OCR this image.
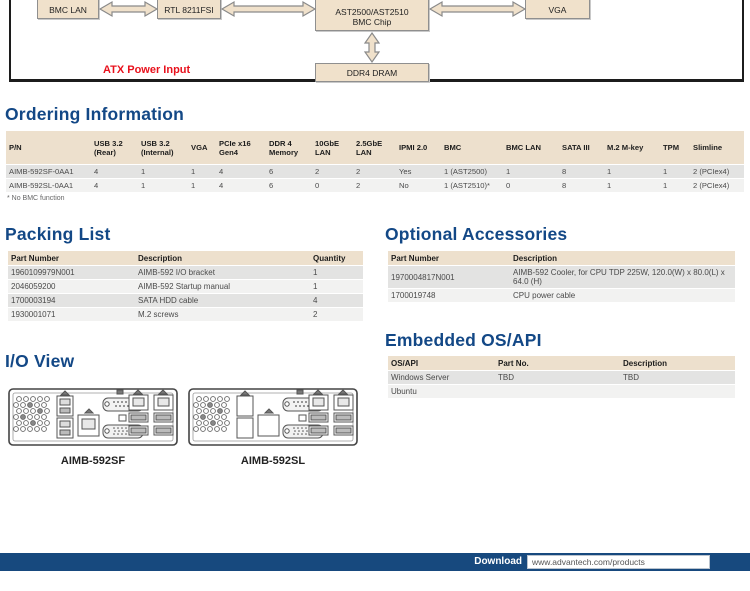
BMC LAN	RTL 8211FSI	AST2500/AST2510
BMC Chip
VGA
DDR4 DRAM
ATX Power Input
Ordering Information
P/N	USB 3.2 (Rear)	USB 3.2 (Internal)	VGA	PCIe x16 Gen4	DDR 4 Memory	10GbE LAN	2.5GbE LAN	IPMI 2.0	BMC	BMC LAN	SATA III	M.2 M-key	TPM	Slimline
AIMB-592SF-0AA1	4	1	1	4	6	2	2	Yes	1 (AST2500)	1	8	1	1	2 (PCIex4)
AIMB-592SL-0AA1	4	1	1	4	6	0	2	No	1 (AST2510)*	0	8	1	1	2 (PCIex4)
* No BMC function
Packing List
Part Number	Description	Quantity
1960109979N001	AIMB-592 I/O bracket	1
2046059200	AIMB-592 Startup manual	1
1700003194	SATA HDD cable	4
1930001071	M.2 screws	2
Optional Accessories
Part Number	Description
1970004817N001	AIMB-592 Cooler, for CPU TDP 225W, 120.0(W) x 80.0(L) x 64.0 (H)
1700019748	CPU power cable
Embedded OS/API
OS/API	Part No.	Description
Windows Server	TBD	TBD
Ubuntu		
I/O View
AIMB-592SF	AIMB-592SL
Download	www.advantech.com/products
